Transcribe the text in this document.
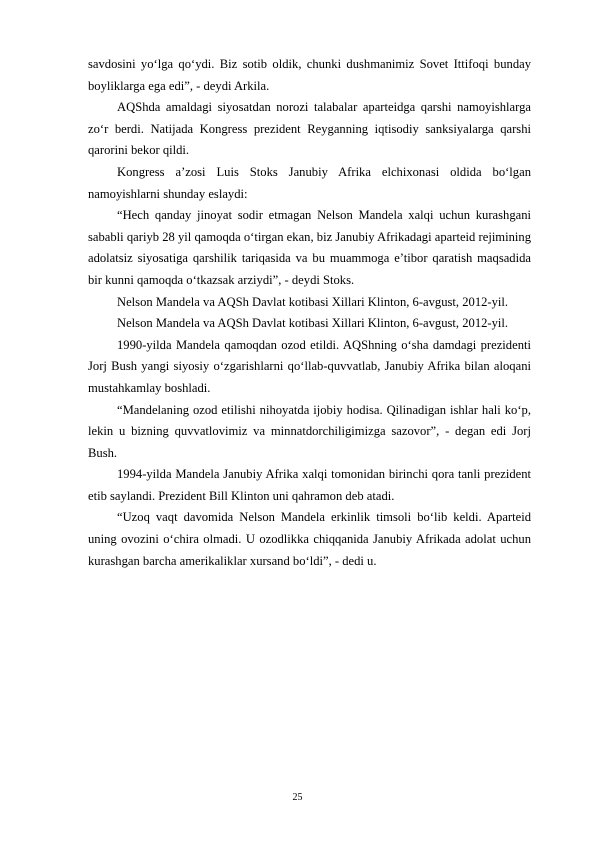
savdosini yo‘lga qo‘ydi. Biz sotib oldik, chunki dushmanimiz Sovet Ittifoqi bunday boyliklarga ega edi”, - deydi Arkila.

AQShda amaldagi siyosatdan norozi talabalar aparteidga qarshi namoyishlarga zo‘r berdi. Natijada Kongress prezident Reyganning iqtisodiy sanksiyalarga qarshi qarorini bekor qildi.

Kongress a’zosi Luis Stoks Janubiy Afrika elchixonasi oldida bo‘lgan namoyishlarni shunday eslaydi:

“Hech qanday jinoyat sodir etmagan Nelson Mandela xalqi uchun kurashgani sababli qariyb 28 yil qamoqda o‘tirgan ekan, biz Janubiy Afrikadagi aparteid rejimining adolatsiz siyosatiga qarshilik tariqasida va bu muammoga e’tibor qaratish maqsadida bir kunni qamoqda o‘tkazsak arziydi”, - deydi Stoks.

Nelson Mandela va AQSh Davlat kotibasi Xillari Klinton, 6-avgust, 2012-yil.

Nelson Mandela va AQSh Davlat kotibasi Xillari Klinton, 6-avgust, 2012-yil.

1990-yilda Mandela qamoqdan ozod etildi. AQShning o‘sha damdagi prezidenti Jorj Bush yangi siyosiy o‘zgarishlarni qo‘llab-quvvatlab, Janubiy Afrika bilan aloqani mustahkamlay boshladi.

“Mandelaning ozod etilishi nihoyatda ijobiy hodisa. Qilinadigan ishlar hali ko‘p, lekin u bizning quvvatlovimiz va minnatdorchiligimizga sazovor”, - degan edi Jorj Bush.

1994-yilda Mandela Janubiy Afrika xalqi tomonidan birinchi qora tanli prezident etib saylandi. Prezident Bill Klinton uni qahramon deb atadi.

“Uzoq vaqt davomida Nelson Mandela erkinlik timsoli bo‘lib keldi. Aparteid uning ovozini o‘chira olmadi. U ozodlikka chiqqanida Janubiy Afrikada adolat uchun kurashgan barcha amerikaliklar xursand bo‘ldi”, - dedi u.

25
